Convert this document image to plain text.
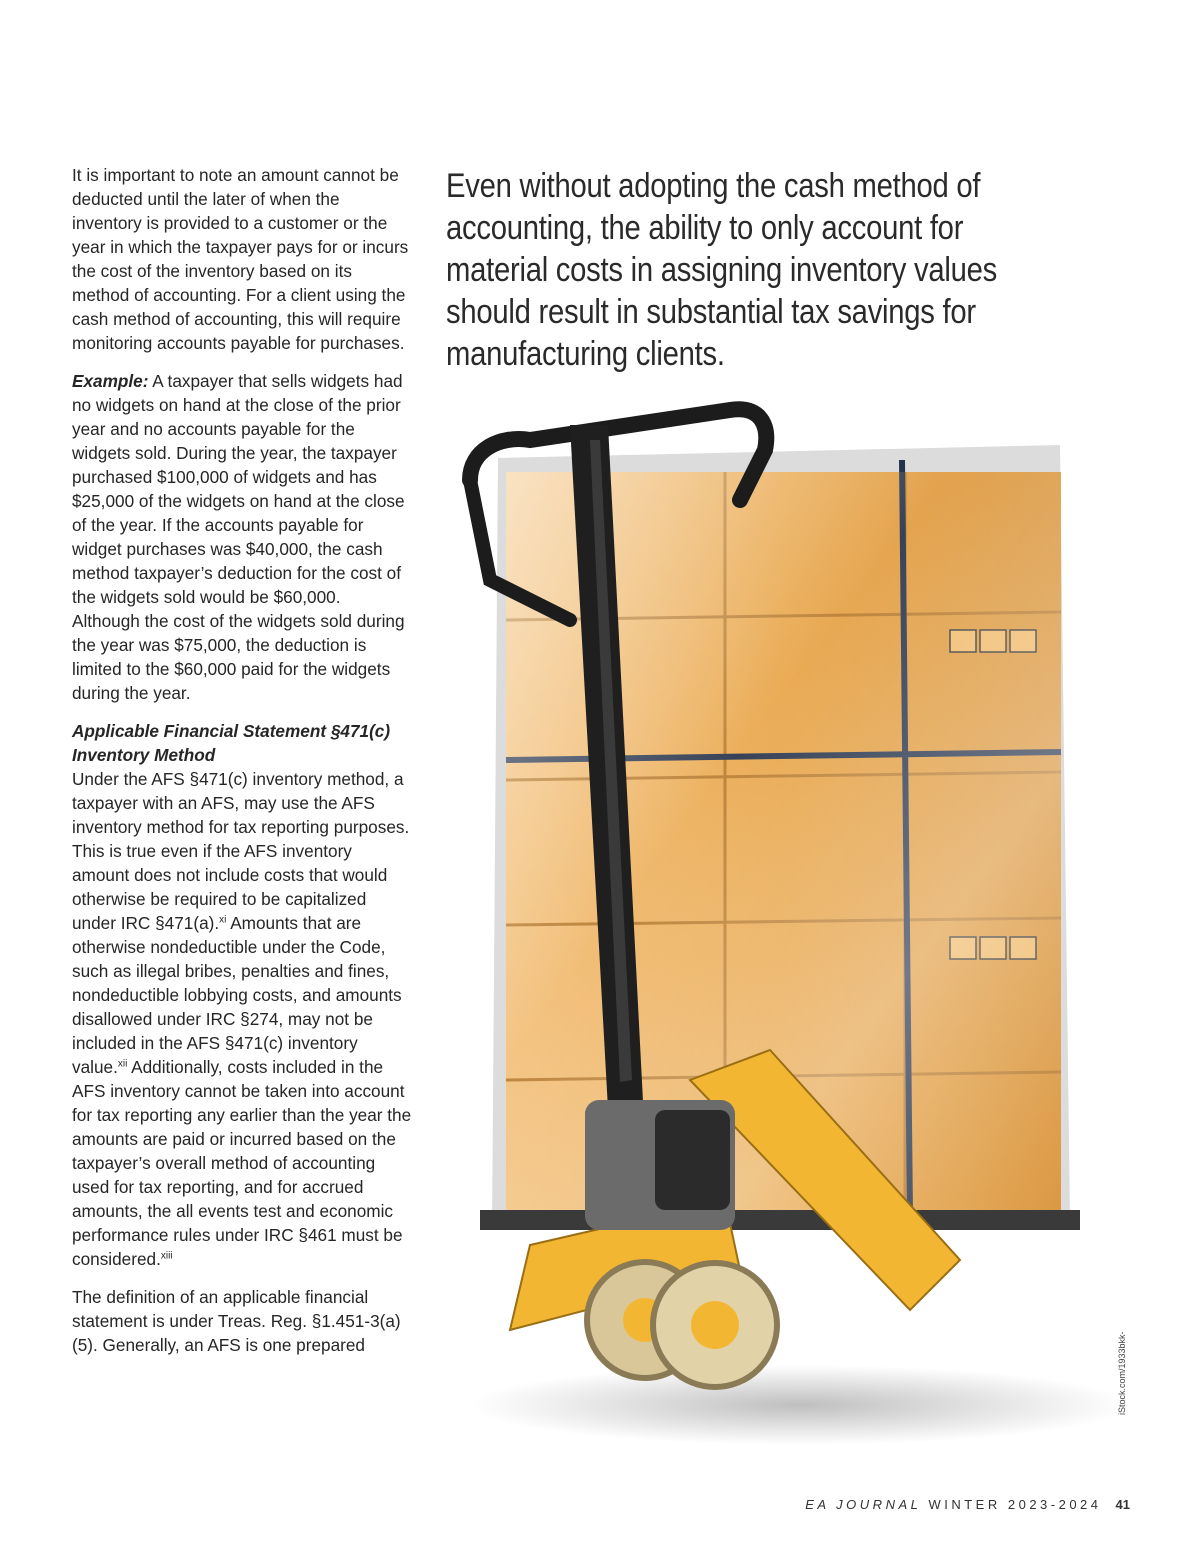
It is important to note an amount cannot be deducted until the later of when the inventory is provided to a customer or the year in which the taxpayer pays for or incurs the cost of the inventory based on its method of accounting. For a client using the cash method of accounting, this will require monitoring accounts payable for purchases.

Example: A taxpayer that sells widgets had no widgets on hand at the close of the prior year and no accounts payable for the widgets sold. During the year, the taxpayer purchased $100,000 of widgets and has $25,000 of the widgets on hand at the close of the year. If the accounts payable for widget purchases was $40,000, the cash method taxpayer’s deduction for the cost of the widgets sold would be $60,000. Although the cost of the widgets sold during the year was $75,000, the deduction is limited to the $60,000 paid for the widgets during the year.

Applicable Financial Statement §471(c)
Inventory Method

Under the AFS §471(c) inventory method, a taxpayer with an AFS, may use the AFS inventory method for tax reporting purposes. This is true even if the AFS inventory amount does not include costs that would otherwise be required to be capitalized under IRC §471(a).$^{xi}$ Amounts that are otherwise nondeductible under the Code, such as illegal bribes, penalties and fines, nondeductible lobbying costs, and amounts disallowed under IRC §274, may not be included in the AFS §471(c) inventory value.$^{xii}$ Additionally, costs included in the AFS inventory cannot be taken into account for tax reporting any earlier than the year the amounts are paid or incurred based on the taxpayer’s overall method of accounting used for tax reporting, and for accrued amounts, the all events test and economic performance rules under IRC §461 must be considered.$^{xiii}$

The definition of an applicable financial statement is under Treas. Reg. §1.451-3(a)(5). Generally, an AFS is one prepared

Even without adopting the cash method of accounting, the ability to only account for material costs in assigning inventory values should result in substantial tax savings for manufacturing clients.
iStock.com/1933bkk-
EA JOURNAL WINTER 2023-2024 41
